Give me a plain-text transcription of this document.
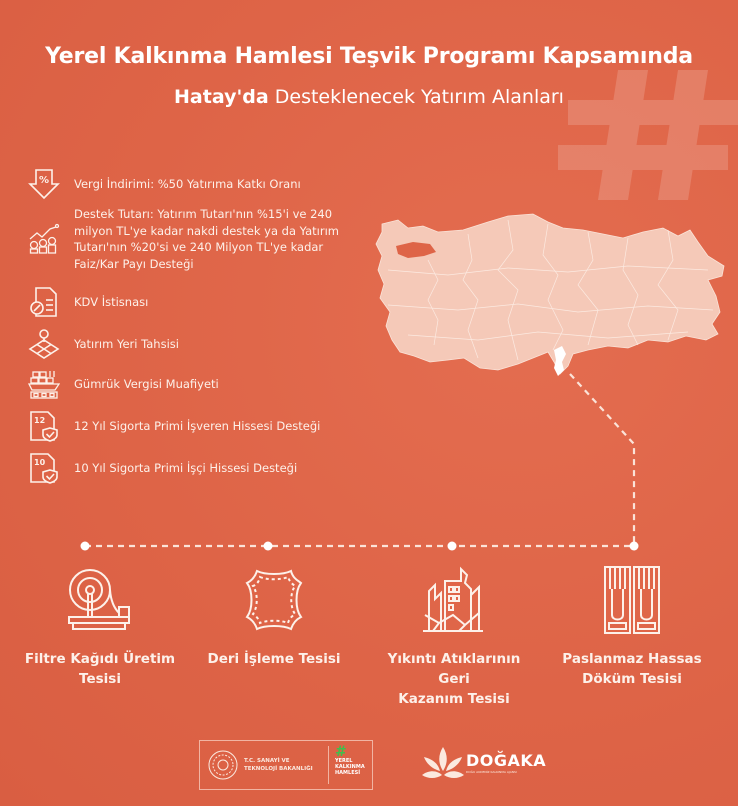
Yerel Kalkınma Hamlesi Teşvik Programı Kapsamında
Hatay'da Desteklenecek Yatırım Alanları
% Vergi İndirimi: %50 Yatırıma Katkı Oranı
Destek Tutarı: Yatırım Tutarı'nın %15'i ve 240 milyon TL'ye kadar nakdi destek ya da Yatırım Tutarı'nın %20'si ve 240 Milyon TL'ye kadar Faiz/Kar Payı Desteği
KDV İstisnası
Yatırım Yeri Tahsisi
Gümrük Vergisi Muafiyeti
12	12 Yıl Sigorta Primi İşveren Hissesi Desteği
10	10 Yıl Sigorta Primi İşçi Hissesi Desteği
Filtre Kağıdı Üretim
Tesisi
Deri İşleme Tesisi	Yıkıntı Atıklarının Geri
Kazanım Tesisi
Paslanmaz Hassas
Döküm Tesisi
T.C. SANAYİ VE
TEKNOLOJİ BAKANLIĞI
#
YEREL
KALKINMA
HAMLESİ
DOĞAKA
DOĞU AKDENİZ KALKINMA AJANSI
